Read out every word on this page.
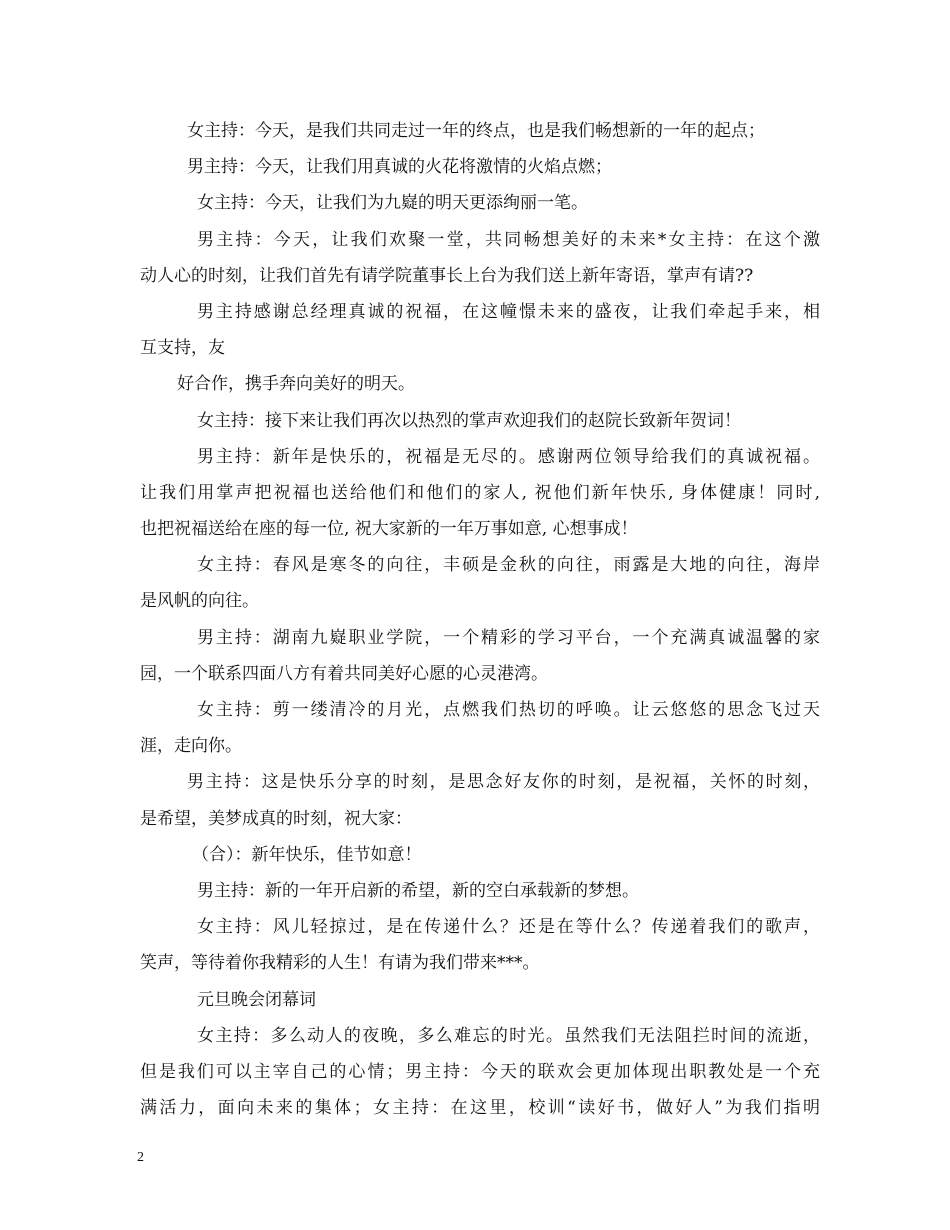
女主持：今天，是我们共同走过一年的终点，也是我们畅想新的一年的起点；
男主持：今天，让我们用真诚的火花将激情的火焰点燃；
女主持：今天，让我们为九嶷的明天更添绚丽一笔。
男主持：今天，让我们欢聚一堂，共同畅想美好的未来*女主持：在这个激
动人心的时刻，让我们首先有请学院董事长上台为我们送上新年寄语，掌声有请??
男主持感谢总经理真诚的祝福，在这幢憬未来的盛夜，让我们牵起手来，相
互支持，友
好合作，携手奔向美好的明天。
女主持：接下来让我们再次以热烈的掌声欢迎我们的赵院长致新年贺词！
男主持：新年是快乐的，祝福是无尽的。感谢两位领导给我们的真诚祝福。
让我们用掌声把祝福也送给他们和他们的家人, 祝他们新年快乐, 身体健康！同时,
也把祝福送给在座的每一位, 祝大家新的一年万事如意, 心想事成！
女主持：春风是寒冬的向往，丰硕是金秋的向往，雨露是大地的向往，海岸
是风帆的向往。
男主持：湖南九嶷职业学院，一个精彩的学习平台，一个充满真诚温馨的家
园，一个联系四面八方有着共同美好心愿的心灵港湾。
女主持：剪一缕清冷的月光，点燃我们热切的呼唤。让云悠悠的思念飞过天
涯，走向你。
男主持：这是快乐分享的时刻，是思念好友你的时刻，是祝福，关怀的时刻，
是希望，美梦成真的时刻，祝大家：
（合）：新年快乐，佳节如意！
男主持：新的一年开启新的希望，新的空白承载新的梦想。
女主持：风儿轻掠过，是在传递什么？还是在等什么？传递着我们的歌声，
笑声，等待着你我精彩的人生！有请为我们带来***。
元旦晚会闭幕词
女主持：多么动人的夜晚，多么难忘的时光。虽然我们无法阻拦时间的流逝，
但是我们可以主宰自己的心情；男主持：今天的联欢会更加体现出职教处是一个充
满活力，面向未来的集体；女主持：在这里，校训“读好书，做好人”为我们指明
2
